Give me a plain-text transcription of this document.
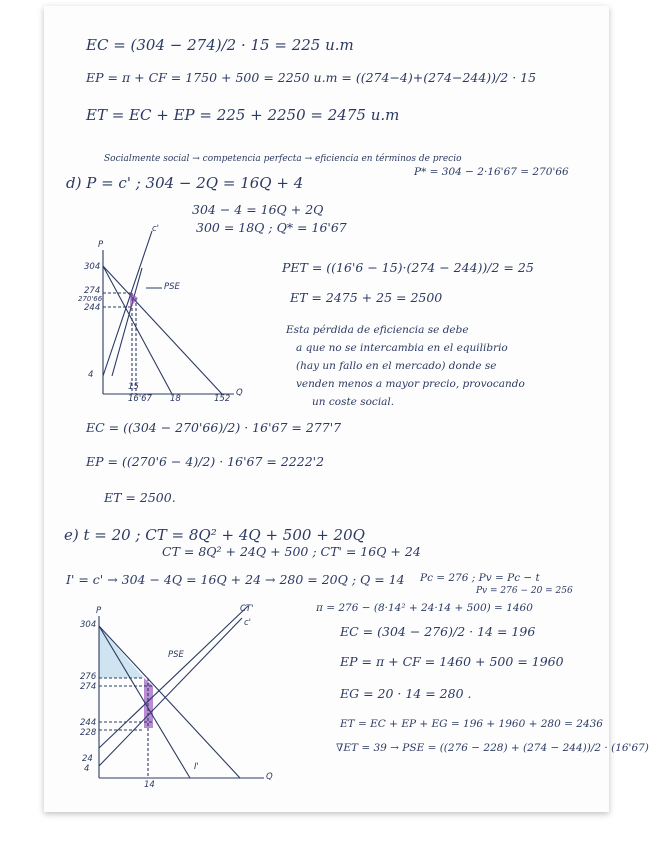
EC = (304 − 274)/2 · 15 = 225 u.m
EP = π + CF = 1750 + 500 = 2250 u.m = ((274−4)+(274−244))/2 · 15
ET = EC + EP = 225 + 2250 = 2475 u.m
Socialmente social → competencia perfecta → eficiencia en términos de precio
d) P = c' ; 304 − 2Q = 16Q + 4
P* = 304 − 2·16'67 = 270'66
304 − 4 = 16Q + 2Q
300 = 18Q ; Q* = 16'67
P
c'
PSE
304
274
270'66
244
4
15
16'67 18	152
Q
PET = ((16'6 − 15)·(274 − 244))/2 = 25
ET = 2475 + 25 = 2500
Esta pérdida de eficiencia se debe
a que no se intercambia en el equilibrio
(hay un fallo en el mercado) donde se
venden menos a mayor precio, provocando
un coste social.
EC = ((304 − 270'66)/2) · 16'67 = 277'7
EP = ((270'6 − 4)/2) · 16'67 = 2222'2
ET = 2500.
e) t = 20 ; CT = 8Q² + 4Q + 500 + 20Q
CT = 8Q² + 24Q + 500 ; CT' = 16Q + 24
I' = c' → 304 − 4Q = 16Q + 24 → 280 = 20Q ; Q = 14 Pc = 276 ; Pv = Pc − t
Pv = 276 − 20 = 256
P	CT'
c'
PSE
I'
Q
304
276
274
244
228
24
4
14
π = 276 − (8·14² + 24·14 + 500) = 1460
EC = (304 − 276)/2 · 14 = 196
EP = π + CF = 1460 + 500 = 1960
EG = 20 · 14 = 280 .
ET = EC + EP + EG = 196 + 1960 + 280 = 2436
∇ET = 39 → PSE = ((276 − 228) + (274 − 244))/2 · (16'67)
